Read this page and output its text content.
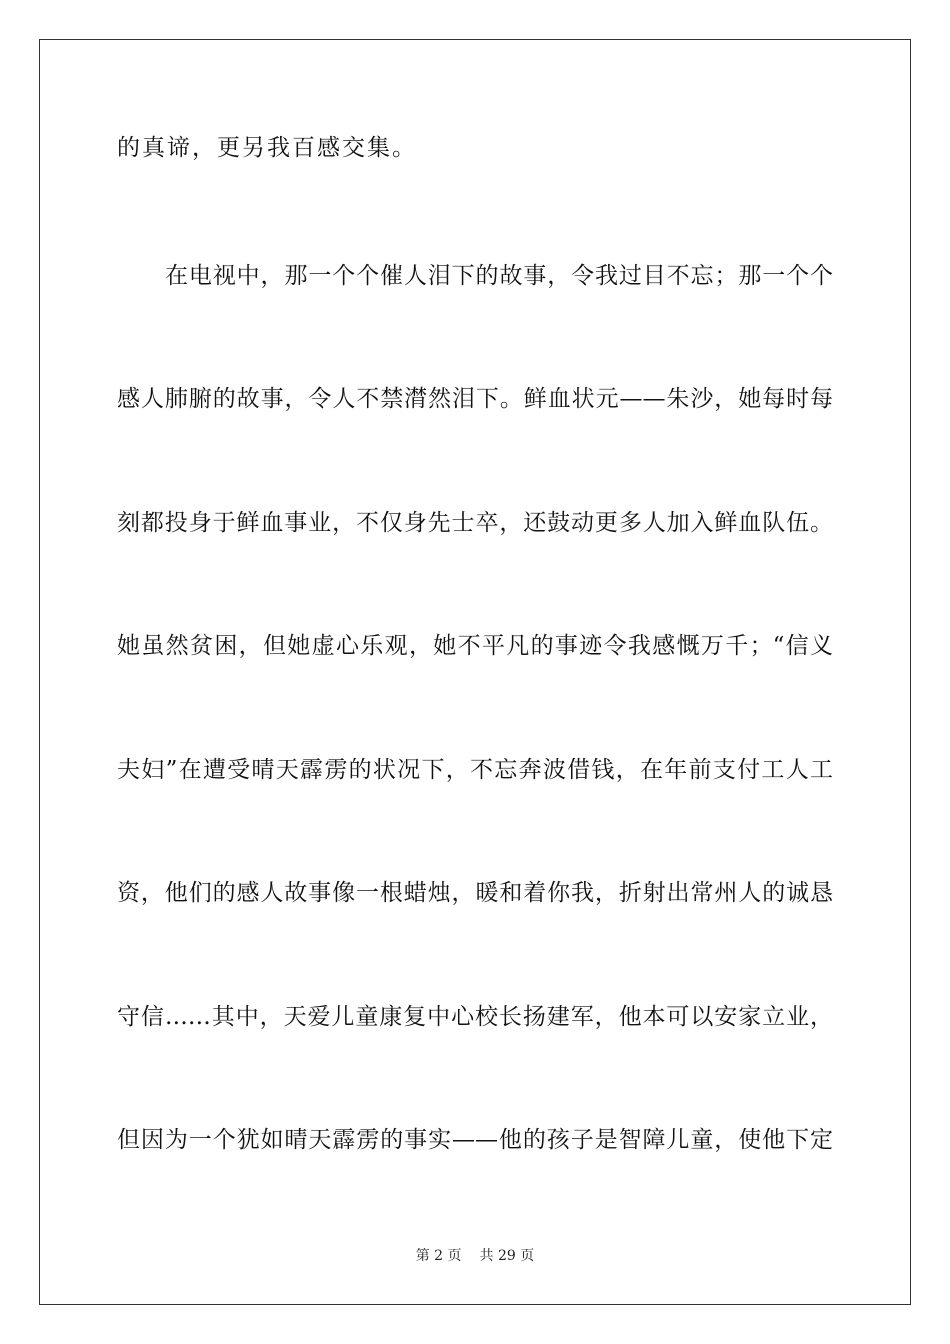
的真谛，更另我百感交集。
在电视中，那一个个催人泪下的故事，令我过目不忘；那一个个
感人肺腑的故事，令人不禁潸然泪下。鲜血状元——朱沙，她每时每
刻都投身于鲜血事业，不仅身先士卒，还鼓动更多人加入鲜血队伍。
她虽然贫困，但她虚心乐观，她不平凡的事迹令我感慨万千；“信义
夫妇”在遭受晴天霹雳的状况下，不忘奔波借钱，在年前支付工人工
资，他们的感人故事像一根蜡烛，暖和着你我，折射出常州人的诚恳
守信……其中，天爱儿童康复中心校长扬建军，他本可以安家立业，
但因为一个犹如晴天霹雳的事实——他的孩子是智障儿童，使他下定
第 2 页 共 29 页
